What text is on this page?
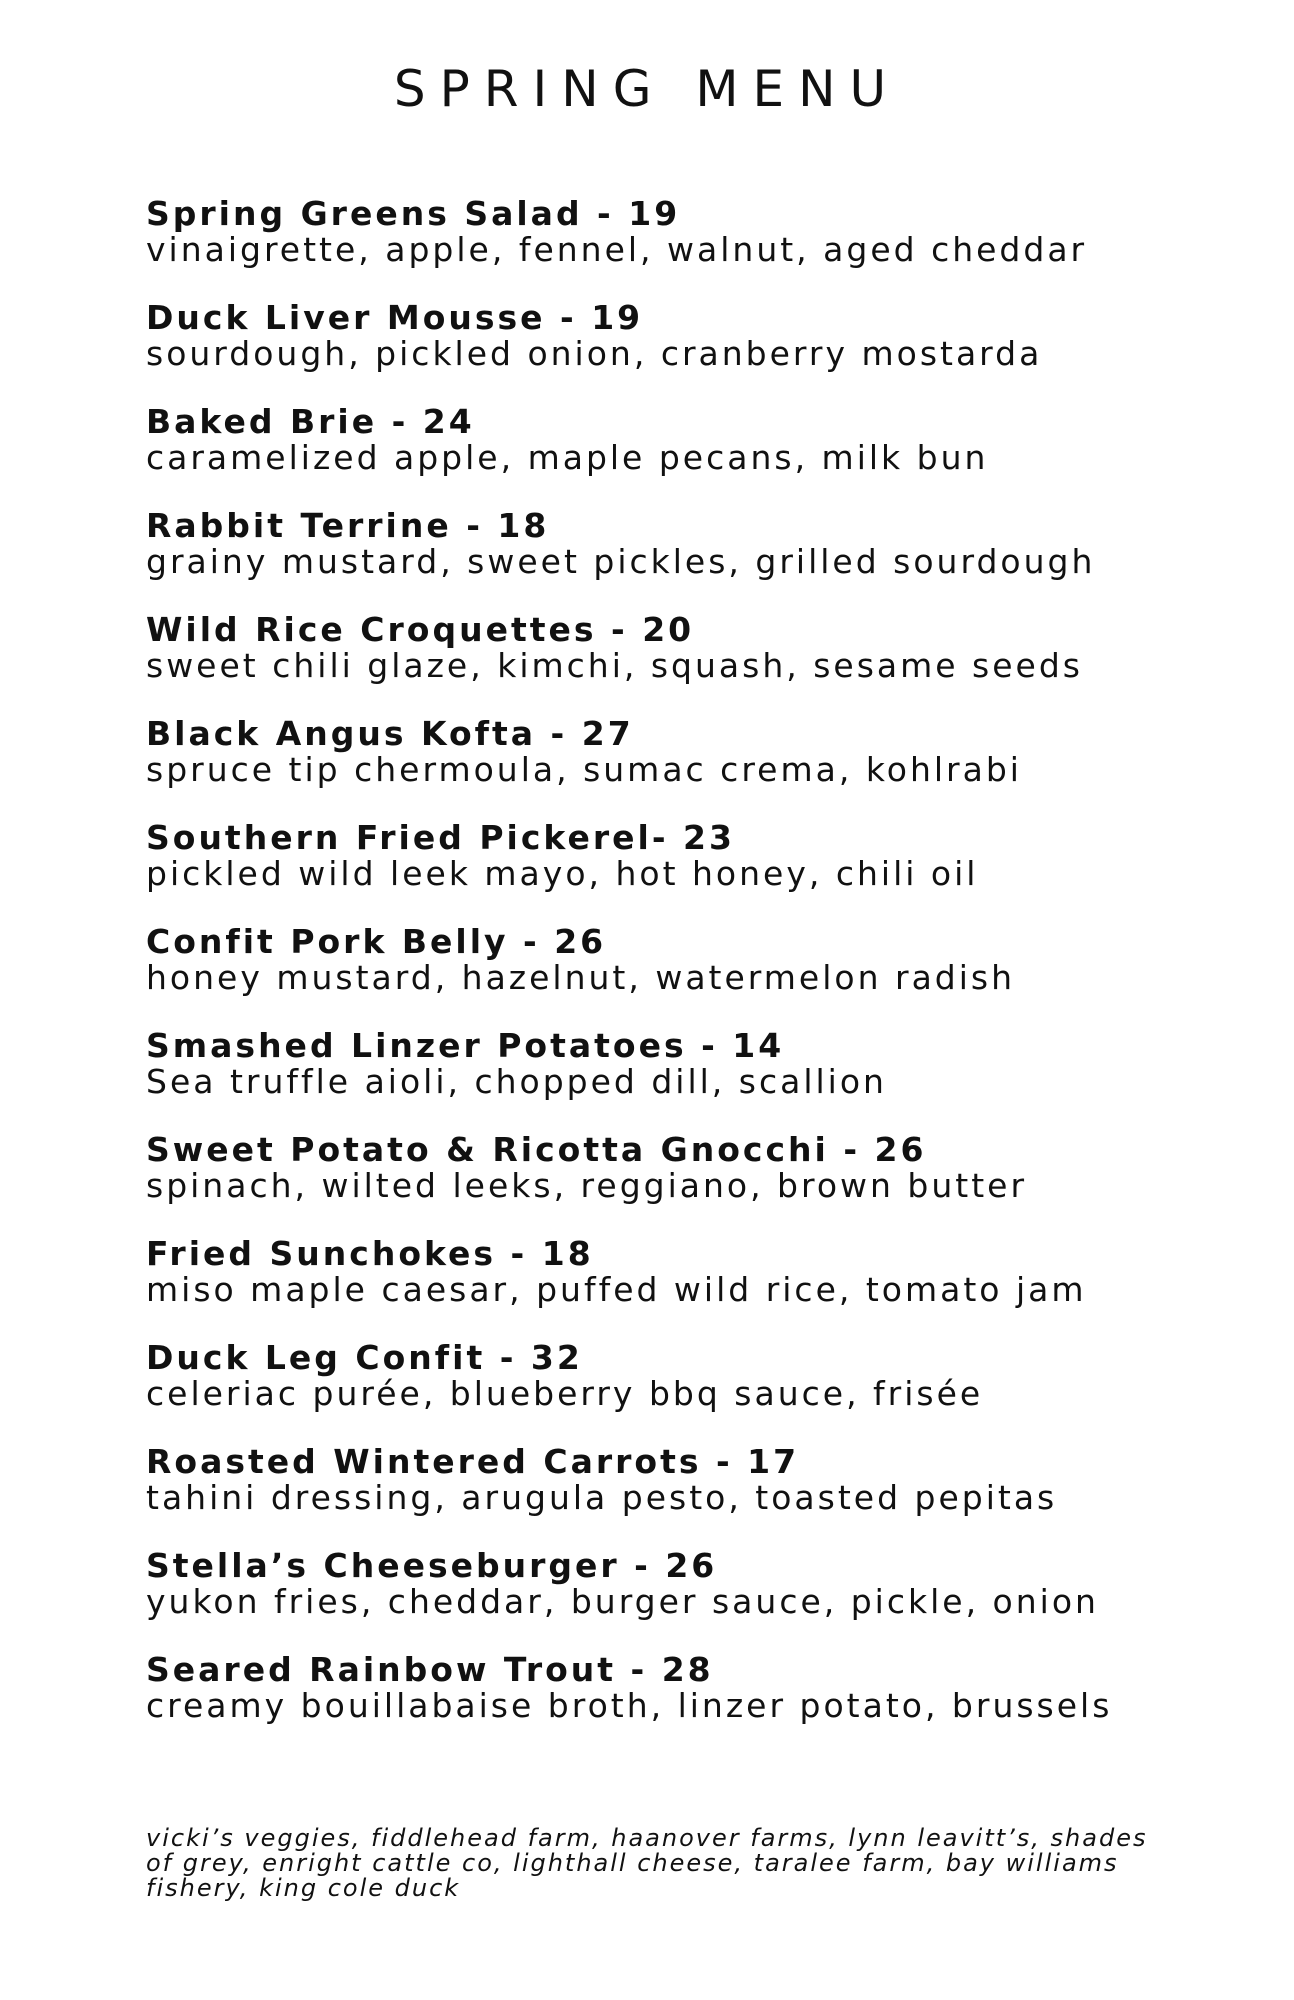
SPRING MENU
Spring Greens Salad - 19
vinaigrette, apple, fennel, walnut, aged cheddar
Duck Liver Mousse - 19
sourdough, pickled onion, cranberry mostarda
Baked Brie - 24
caramelized apple, maple pecans, milk bun
Rabbit Terrine - 18
grainy mustard, sweet pickles, grilled sourdough
Wild Rice Croquettes - 20
sweet chili glaze, kimchi, squash, sesame seeds
Black Angus Kofta - 27
spruce tip chermoula, sumac crema, kohlrabi
Southern Fried Pickerel- 23
pickled wild leek mayo, hot honey, chili oil
Confit Pork Belly - 26
honey mustard, hazelnut, watermelon radish
Smashed Linzer Potatoes - 14
Sea truffle aioli, chopped dill, scallion
Sweet Potato & Ricotta Gnocchi - 26
spinach, wilted leeks, reggiano, brown butter
Fried Sunchokes - 18
miso maple caesar, puffed wild rice, tomato jam
Duck Leg Confit - 32
celeriac purée, blueberry bbq sauce, frisée
Roasted Wintered Carrots - 17
tahini dressing, arugula pesto, toasted pepitas
Stella’s Cheeseburger - 26
yukon fries, cheddar, burger sauce, pickle, onion
Seared Rainbow Trout - 28
creamy bouillabaise broth, linzer potato, brussels
vicki’s veggies, fiddlehead farm, haanover farms, lynn leavitt’s, shades of grey, enright cattle co, lighthall cheese, taralee farm, bay williams fishery, king cole duck
